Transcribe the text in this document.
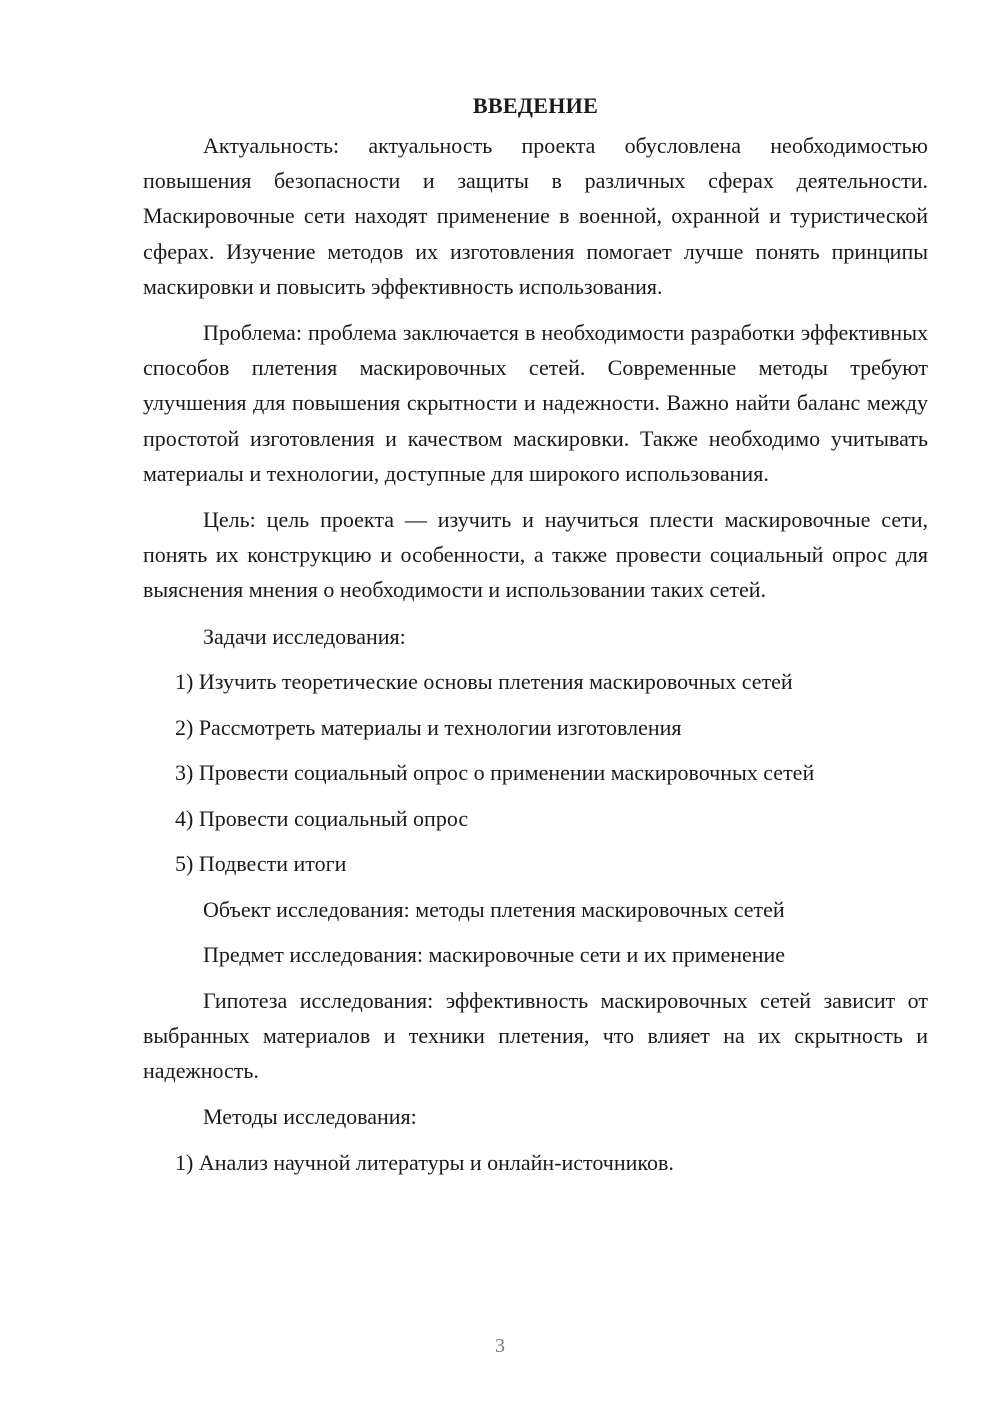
ВВЕДЕНИЕ

Актуальность: актуальность проекта обусловлена необходимостью повышения безопасности и защиты в различных сферах деятельности. Маскировочные сети находят применение в военной, охранной и туристической сферах. Изучение методов их изготовления помогает лучше понять принципы маскировки и повысить эффективность использования.

Проблема: проблема заключается в необходимости разработки эффективных способов плетения маскировочных сетей. Современные методы требуют улучшения для повышения скрытности и надежности. Важно найти баланс между простотой изготовления и качеством маскировки. Также необходимо учитывать материалы и технологии, доступные для широкого использования.

Цель: цель проекта — изучить и научиться плести маскировочные сети, понять их конструкцию и особенности, а также провести социальный опрос для выяснения мнения о необходимости и использовании таких сетей.

Задачи исследования:

1) Изучить теоретические основы плетения маскировочных сетей

2) Рассмотреть материалы и технологии изготовления

3) Провести социальный опрос о применении маскировочных сетей

4) Провести социальный опрос

5) Подвести итоги

Объект исследования: методы плетения маскировочных сетей

Предмет исследования: маскировочные сети и их применение

Гипотеза исследования: эффективность маскировочных сетей зависит от выбранных материалов и техники плетения, что влияет на их скрытность и надежность.

Методы исследования:

1) Анализ научной литературы и онлайн-источников.

3
